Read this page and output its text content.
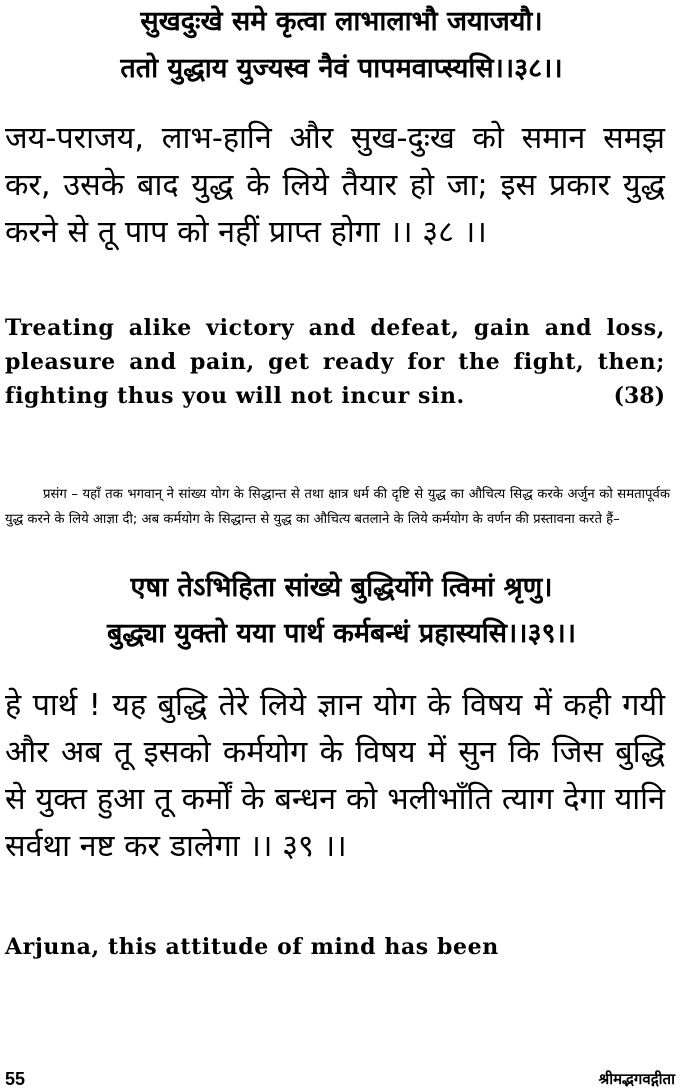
सुखदुःखे समे कृत्वा लाभालाभौ जयाजयौ।
ततो युद्धाय युज्यस्व नैवं पापमवाप्स्यसि।।३८।।
जय-पराजय, लाभ-हानि और सुख-दुःख को समान समझ कर, उसके बाद युद्ध के लिये तैयार हो जा; इस प्रकार युद्ध करने से तू पाप को नहीं प्राप्त होगा ।। ३८ ।।
Treating alike victory and defeat, gain and loss, pleasure and pain, get ready for the fight, then; fighting thus you will not incur sin.	(38)
प्रसंग – यहाँ तक भगवान् ने सांख्य योग के सिद्धान्त से तथा क्षात्र धर्म की दृष्टि से युद्ध का औचित्य सिद्ध करके अर्जुन को समतापूर्वक युद्ध करने के लिये आज्ञा दी; अब कर्मयोग के सिद्धान्त से युद्ध का औचित्य बतलाने के लिये कर्मयोग के वर्णन की प्रस्तावना करते हैं–
एषा तेऽभिहिता सांख्ये बुद्धिर्योगे त्विमां श्रृणु।
बुद्ध्या युक्तो यया पार्थ कर्मबन्धं प्रहास्यसि।।३९।।
हे पार्थ ! यह बुद्धि तेरे लिये ज्ञान योग के विषय में कही गयी और अब तू इसको कर्मयोग के विषय में सुन कि जिस बुद्धि से युक्त हुआ तू कर्मों के बन्धन को भलीभाँति त्याग देगा यानि सर्वथा नष्ट कर डालेगा ।। ३९ ।।
Arjuna, this attitude of mind has been
55	श्रीमद्भगवद्गीता
